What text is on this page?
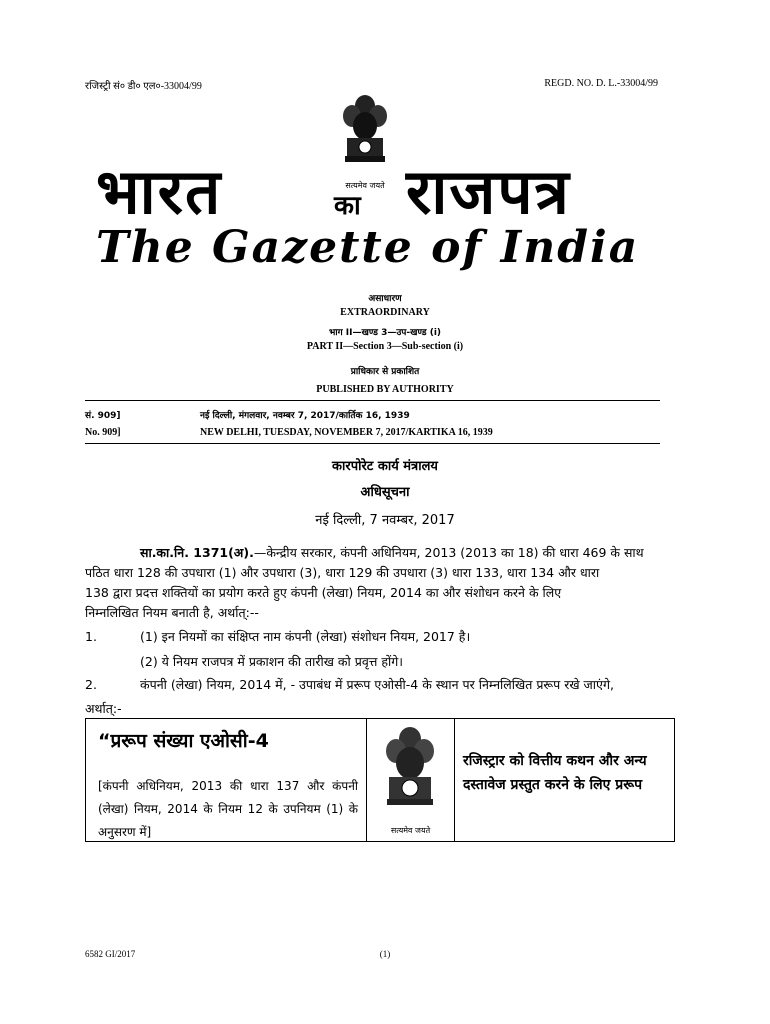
रजिस्ट्री सं० डी० एल०-33004/99	REGD. NO. D. L.-33004/99
सत्यमेव जयते
भारत	का राजपत्र
The Gazette of India
असाधारण
EXTRAORDINARY
भाग II—खण्ड 3—उप-खण्ड (i)
PART II—Section 3—Sub-section (i)
प्राधिकार से प्रकाशित
PUBLISHED BY AUTHORITY
सं. 909]	नई दिल्ली, मंगलवार, नवम्बर 7, 2017/कार्तिक 16, 1939
No. 909]	NEW DELHI, TUESDAY, NOVEMBER 7, 2017/KARTIKA 16, 1939
कारपोरेट कार्य मंत्रालय
अधिसूचना
नई दिल्ली, 7 नवम्बर, 2017
सा.का.नि. 1371(अ).—केन्द्रीय सरकार, कंपनी अधिनियम, 2013 (2013 का 18) की धारा 469 के साथ
पठित धारा 128 की उपधारा (1) और उपधारा (3), धारा 129 की उपधारा (3) धारा 133, धारा 134 और धारा
138 द्वारा प्रदत्त शक्तियों का प्रयोग करते हुए कंपनी (लेखा) नियम, 2014 का और संशोधन करने के लिए
निम्नलिखित नियम बनाती है, अर्थात्:--
1.	(1) इन नियमों का संक्षिप्त नाम कंपनी (लेखा) संशोधन नियम, 2017 है।
(2) ये नियम राजपत्र में प्रकाशन की तारीख को प्रवृत्त होंगे।
2.	कंपनी (लेखा) नियम, 2014 में, - उपाबंध में प्ररूप एओसी-4 के स्थान पर निम्नलिखित प्ररूप रखे जाएंगे,
अर्थात्:-
“प्ररूप संख्या एओसी-4
[कंपनी अधिनियम, 2013 की धारा 137 और कंपनी (लेखा) नियम, 2014 के नियम 12 के उपनियम (1) के अनुसरण में]	सत्यमेव जयते
रजिस्ट्रार को वित्तीय कथन और अन्य दस्तावेज प्रस्तुत करने के लिए प्ररूप
6582 GI/2017	(1)
